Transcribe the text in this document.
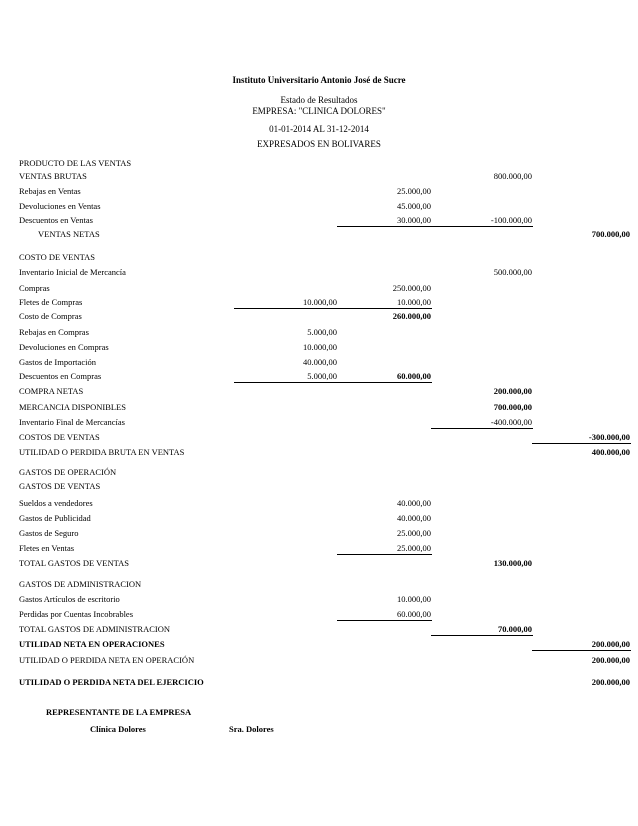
Instituto Universitario Antonio José de Sucre
Estado de Resultados
EMPRESA: "CLINICA DOLORES"
01-01-2014 AL 31-12-2014
EXPRESADOS EN BOLIVARES
PRODUCTO DE LAS VENTAS
VENTAS BRUTAS	800.000,00
Rebajas en Ventas	25.000,00
Devoluciones en Ventas	45.000,00
Descuentos en Ventas	30.000,00	-100.000,00
VENTAS NETAS	700.000,00
COSTO DE VENTAS
Inventario Inicial de Mercancía	500.000,00
Compras	250.000,00
Fletes de Compras	10.000,00	10.000,00
Costo de Compras	260.000,00
Rebajas en Compras	5.000,00
Devoluciones en Compras	10.000,00
Gastos de Importación	40.000,00
Descuentos en Compras	5.000,00	60.000,00
COMPRA NETAS	200.000,00
MERCANCIA DISPONIBLES	700.000,00
Inventario Final de Mercancías	-400.000,00
COSTOS DE VENTAS	-300.000,00
UTILIDAD O PERDIDA BRUTA EN VENTAS	400.000,00
GASTOS DE OPERACIÓN
GASTOS DE VENTAS
Sueldos a vendedores	40.000,00
Gastos de Publicidad	40.000,00
Gastos de Seguro	25.000,00
Fletes en Ventas	25.000,00
TOTAL GASTOS DE VENTAS	130.000,00
GASTOS DE ADMINISTRACION
Gastos Artículos de escritorio	10.000,00
Perdidas por Cuentas Incobrables	60.000,00
TOTAL GASTOS DE ADMINISTRACION	70.000,00
UTILIDAD NETA EN OPERACIONES	200.000,00
UTILIDAD O PERDIDA NETA EN OPERACIÓN	200.000,00
UTILIDAD O PERDIDA NETA DEL EJERCICIO	200.000,00
REPRESENTANTE DE LA EMPRESA
Clínica Dolores	Sra. Dolores
